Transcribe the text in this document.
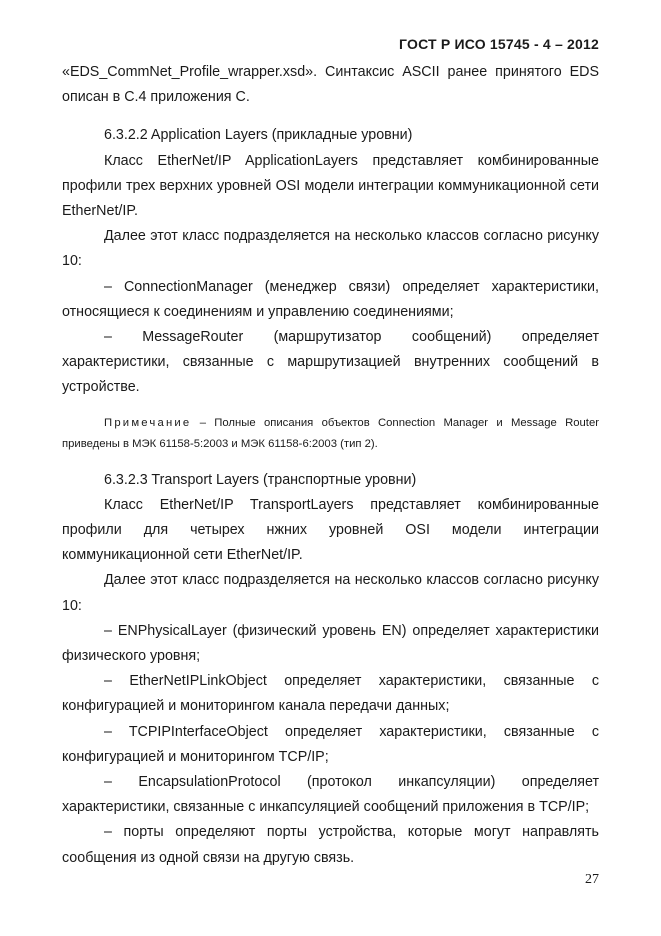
ГОСТ Р ИСО 15745 - 4 – 2012

«EDS_CommNet_Profile_wrapper.xsd». Синтаксис ASCII ранее принятого EDS описан в С.4 приложения С.

6.3.2.2 Application Layers (прикладные уровни)

Класс EtherNet/IP ApplicationLayers представляет комбинированные профили трех верхних уровней OSI модели интеграции коммуникационной сети EtherNet/IP.

Далее этот класс подразделяется на несколько классов согласно рисунку 10:

– ConnectionManager (менеджер связи) определяет характеристики, относящиеся к соединениям и управлению соединениями;

– MessageRouter (маршрутизатор сообщений) определяет характеристики, связанные с маршрутизацией внутренних сообщений в устройстве.

Примечание – Полные описания объектов Connection Manager и Message Router приведены в МЭК 61158-5:2003 и МЭК 61158-6:2003 (тип 2).

6.3.2.3 Transport Layers (транспортные уровни)

Класс EtherNet/IP TransportLayers представляет комбинированные профили для четырех нжних уровней OSI модели интеграции коммуникационной сети EtherNet/IP.

Далее этот класс подразделяется на несколько классов согласно рисунку 10:

– ENPhysicalLayer (физический уровень EN) определяет характеристики физического уровня;

– EtherNetIPLinkObject определяет характеристики, связанные с конфигурацией и мониторингом канала передачи данных;

– TCPIPInterfaceObject определяет характеристики, связанные с конфигурацией и мониторингом TCP/IP;

– EncapsulationProtocol (протокол инкапсуляции) определяет характеристики, связанные с инкапсуляцией сообщений приложения в TCP/IP;

– порты определяют порты устройства, которые могут направлять сообщения из одной связи на другую связь.

27
